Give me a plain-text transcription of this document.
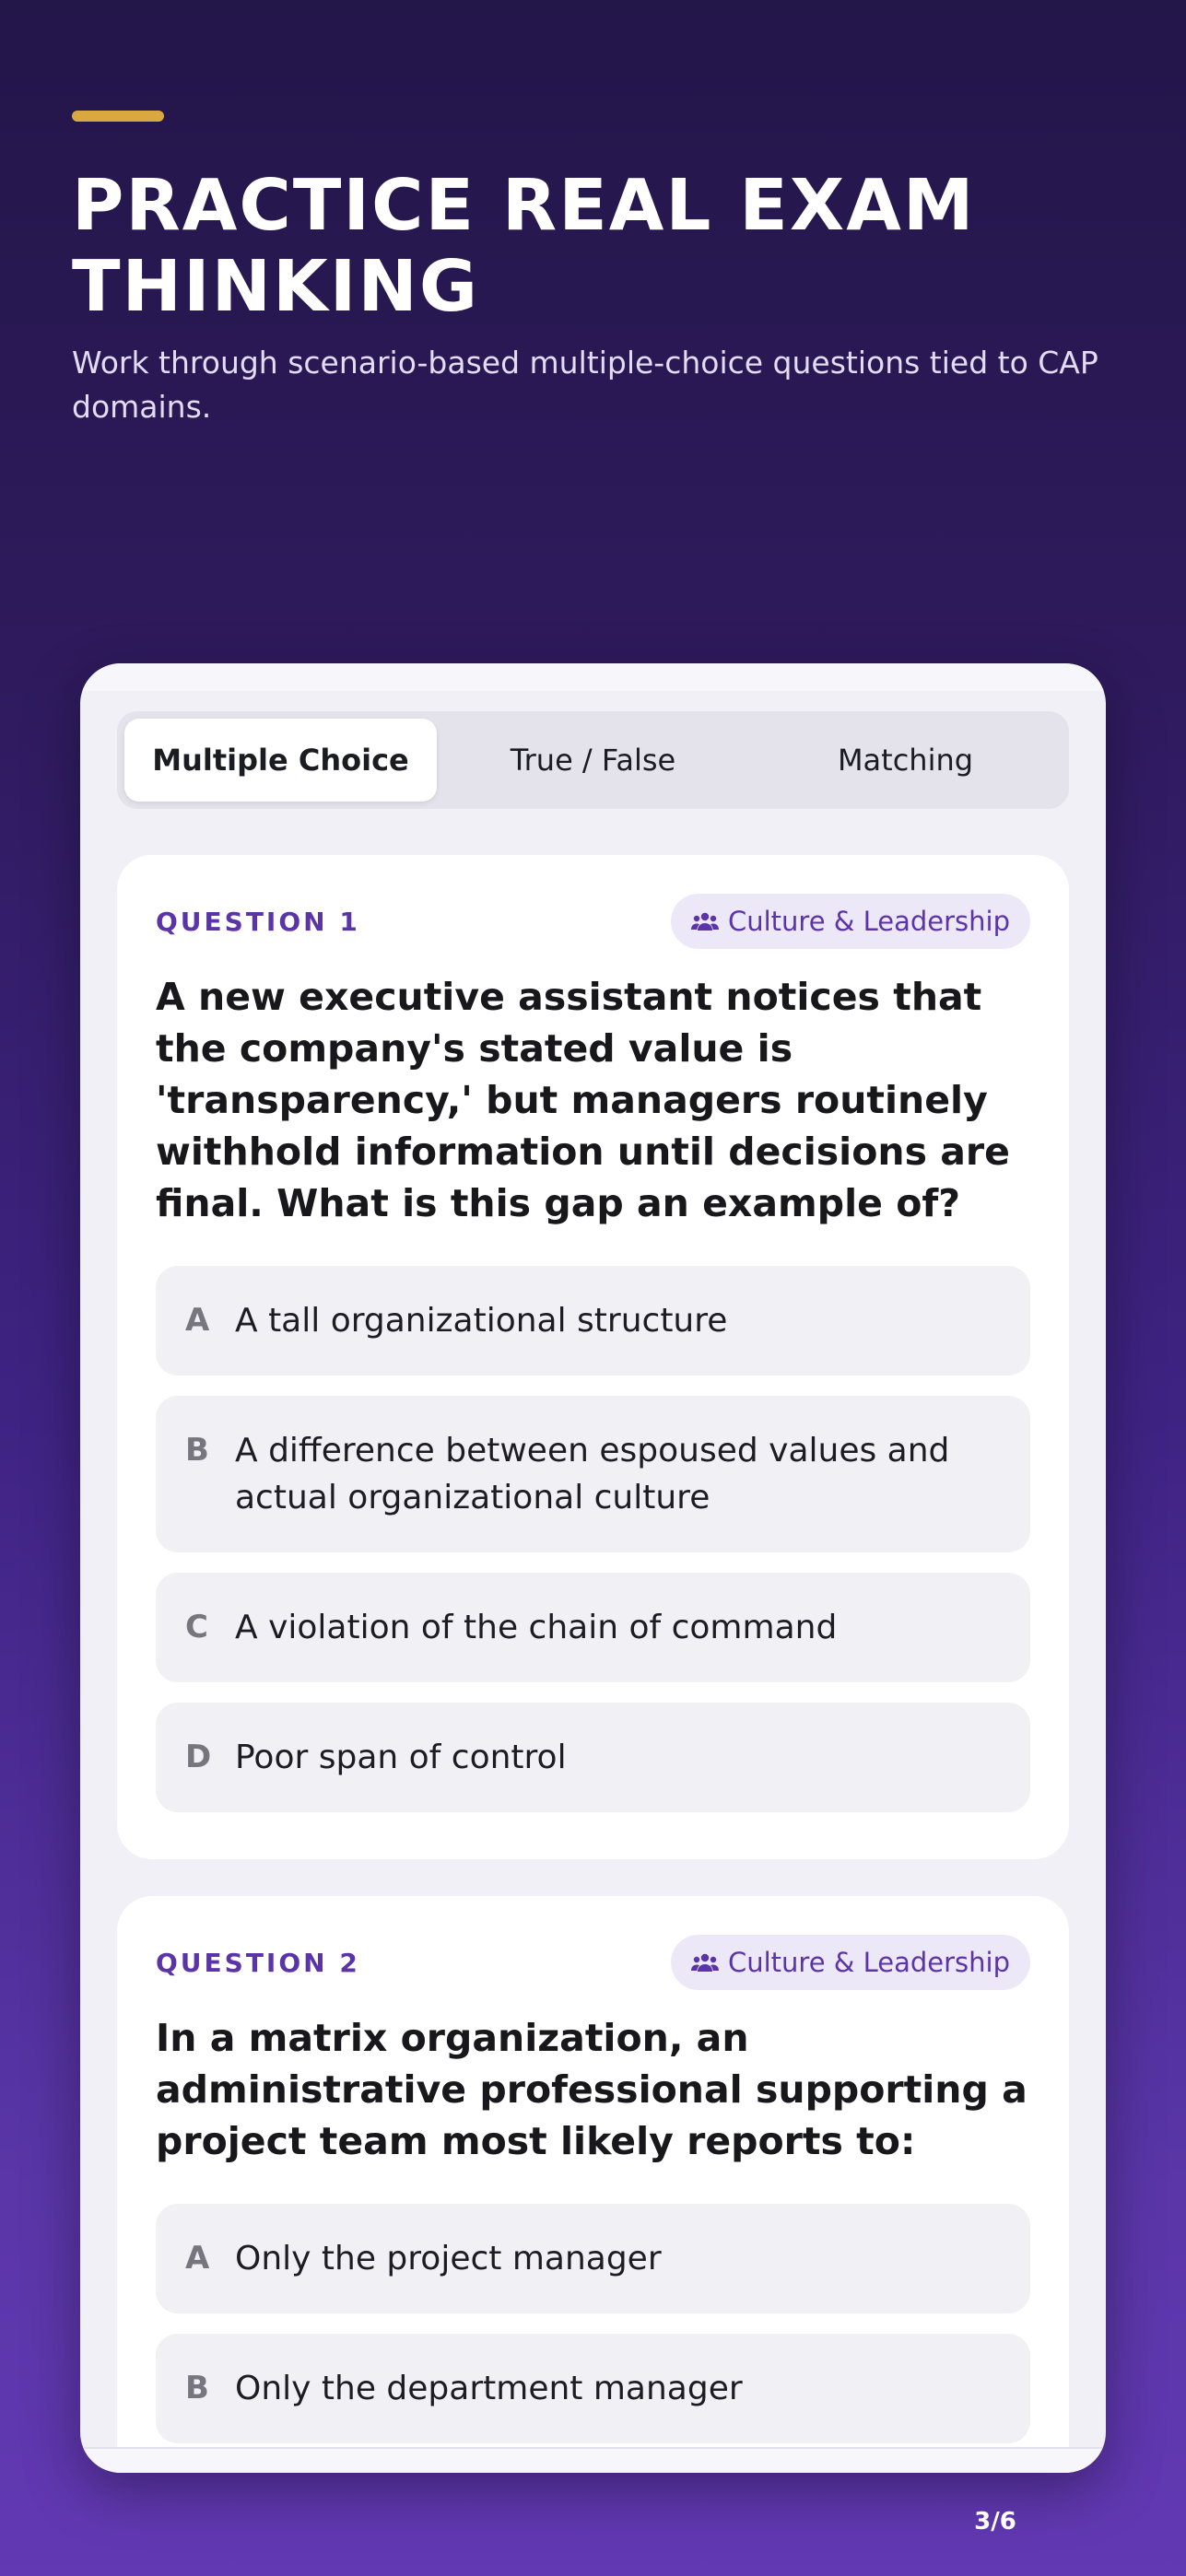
PRACTICE REAL EXAM THINKING

Work through scenario-based multiple-choice questions tied to CAP domains.

Multiple Choice	True / False	Matching
QUESTION 1	Culture & Leadership
A new executive assistant notices that the company's stated value is 'transparency,' but managers routinely withhold information until decisions are final. What is this gap an example of?
A A tall organizational structure
B A difference between espoused values and actual organizational culture
C A violation of the chain of command
D Poor span of control
QUESTION 2	Culture & Leadership
In a matrix organization, an administrative professional supporting a project team most likely reports to:
A Only the project manager
B Only the department manager
3/6
